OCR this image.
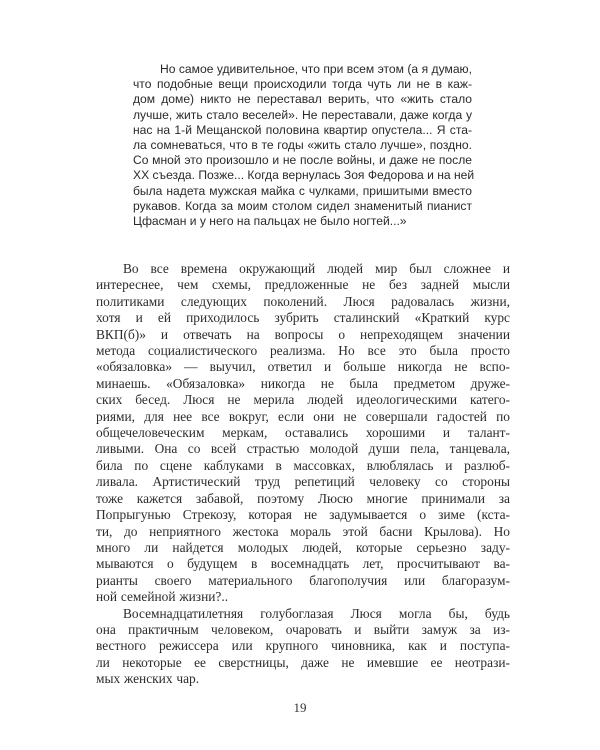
Но самое удивительное, что при всем этом (а я думаю,
что подобные вещи происходили тогда чуть ли не в каж-
дом доме) никто не переставал верить, что «жить стало
лучше, жить стало веселей». Не переставали, даже когда у
нас на 1-й Мещанской половина квартир опустела... Я ста-
ла сомневаться, что в те годы «жить стало лучше», поздно.
Со мной это произошло и не после войны, и даже не после
XX съезда. Позже... Когда вернулась Зоя Федорова и на ней
была надета мужская майка с чулками, пришитыми вместо
рукавов. Когда за моим столом сидел знаменитый пианист
Цфасман и у него на пальцах не было ногтей...»
Во все времена окружающий людей мир был сложнее и
интереснее, чем схемы, предложенные не без задней мысли
политиками следующих поколений. Люся радовалась жизни,
хотя и ей приходилось зубрить сталинский «Краткий курс
ВКП(б)» и отвечать на вопросы о непреходящем значении
метода социалистического реализма. Но все это была просто
«обязаловка» — выучил, ответил и больше никогда не вспо-
минаешь. «Обязаловка» никогда не была предметом друже-
ских бесед. Люся не мерила людей идеологическими катего-
риями, для нее все вокруг, если они не совершали гадостей по
общечеловеческим меркам, оставались хорошими и талант-
ливыми. Она со всей страстью молодой души пела, танцевала,
била по сцене каблуками в массовках, влюблялась и разлюб-
ливала. Артистический труд репетиций человеку со стороны
тоже кажется забавой, поэтому Люсю многие принимали за
Попрыгунью Стрекозу, которая не задумывается о зиме (кста-
ти, до неприятного жестока мораль этой басни Крылова). Но
много ли найдется молодых людей, которые серьезно заду-
мываются о будущем в восемнадцать лет, просчитывают ва-
рианты своего материального благополучия или благоразум-
ной семейной жизни?..
Восемнадцатилетняя голубоглазая Люся могла бы, будь
она практичным человеком, очаровать и выйти замуж за из-
вестного режиссера или крупного чиновника, как и поступа-
ли некоторые ее сверстницы, даже не имевшие ее неотрази-
мых женских чар.
19
